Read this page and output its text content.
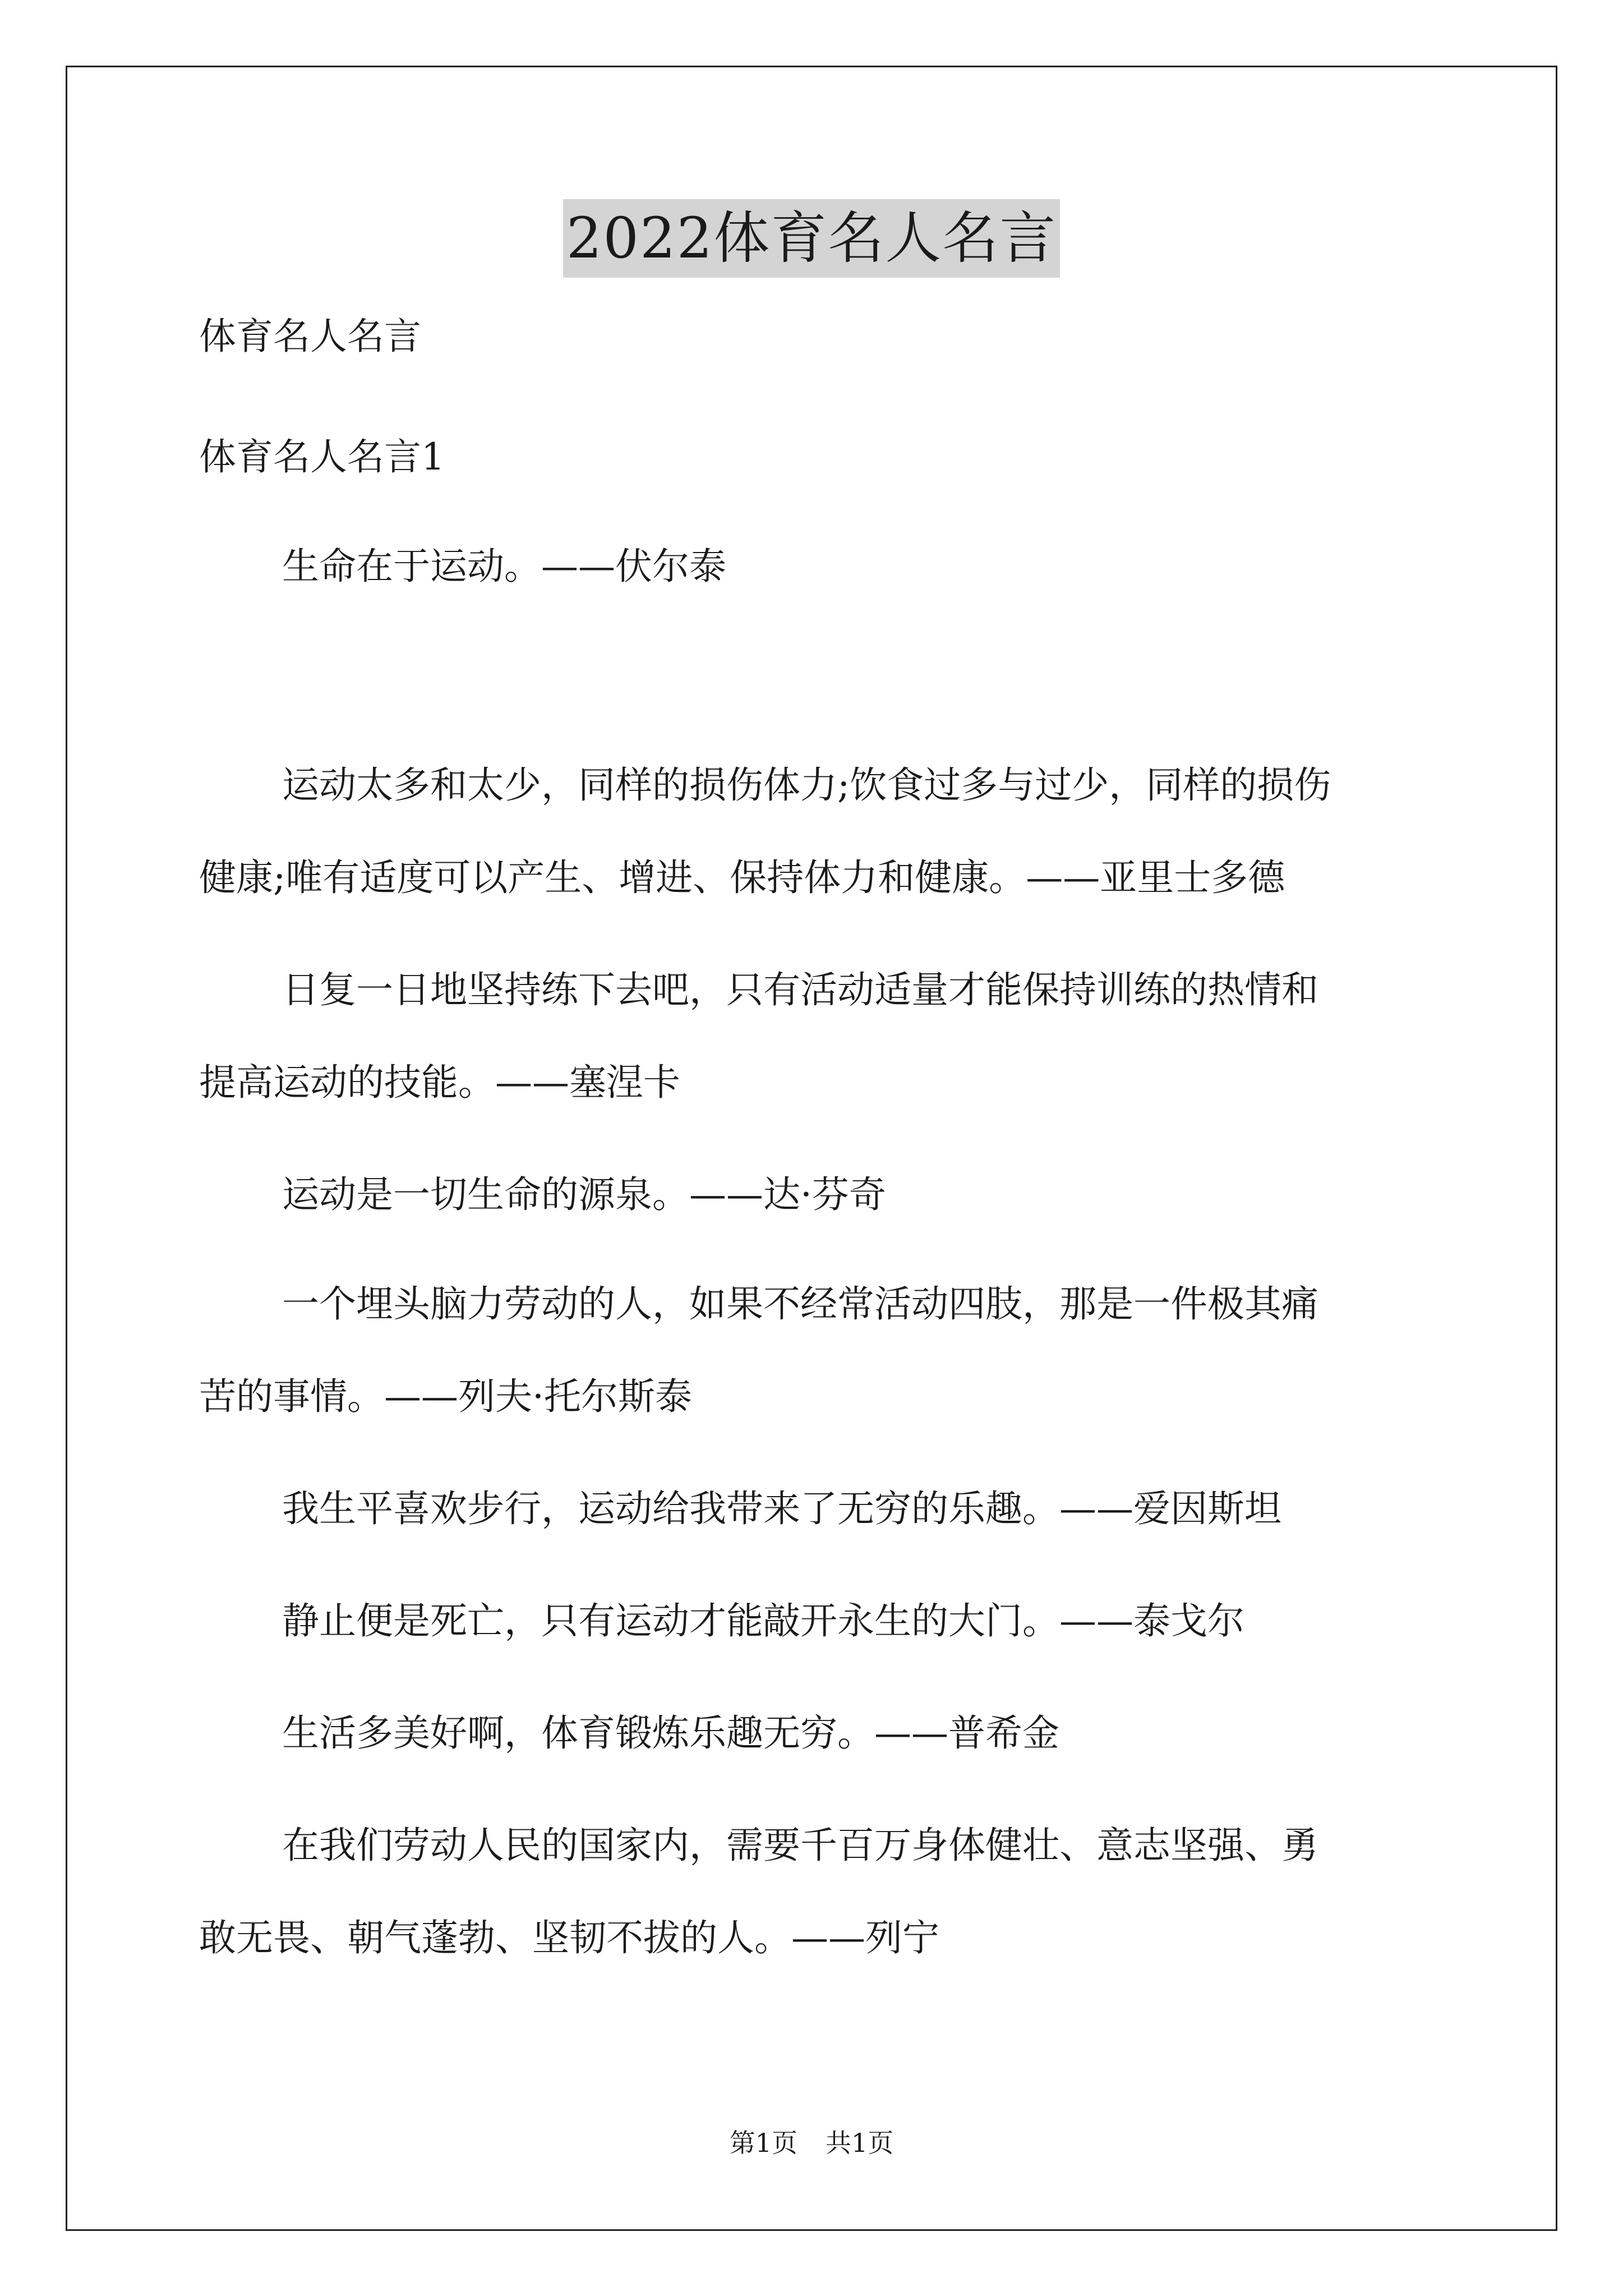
2022体育名人名言

体育名人名言

体育名人名言1

生命在于运动。——伏尔泰

运动太多和太少，同样的损伤体力;饮食过多与过少，同样的损伤

健康;唯有适度可以产生、增进、保持体力和健康。——亚里士多德

日复一日地坚持练下去吧，只有活动适量才能保持训练的热情和

提高运动的技能。——塞涅卡

运动是一切生命的源泉。——达·芬奇

一个埋头脑力劳动的人，如果不经常活动四肢，那是一件极其痛

苦的事情。——列夫·托尔斯泰

我生平喜欢步行，运动给我带来了无穷的乐趣。——爱因斯坦

静止便是死亡，只有运动才能敲开永生的大门。——泰戈尔

生活多美好啊，体育锻炼乐趣无穷。——普希金

在我们劳动人民的国家内，需要千百万身体健壮、意志坚强、勇

敢无畏、朝气蓬勃、坚韧不拔的人。——列宁

第1页 共1页
